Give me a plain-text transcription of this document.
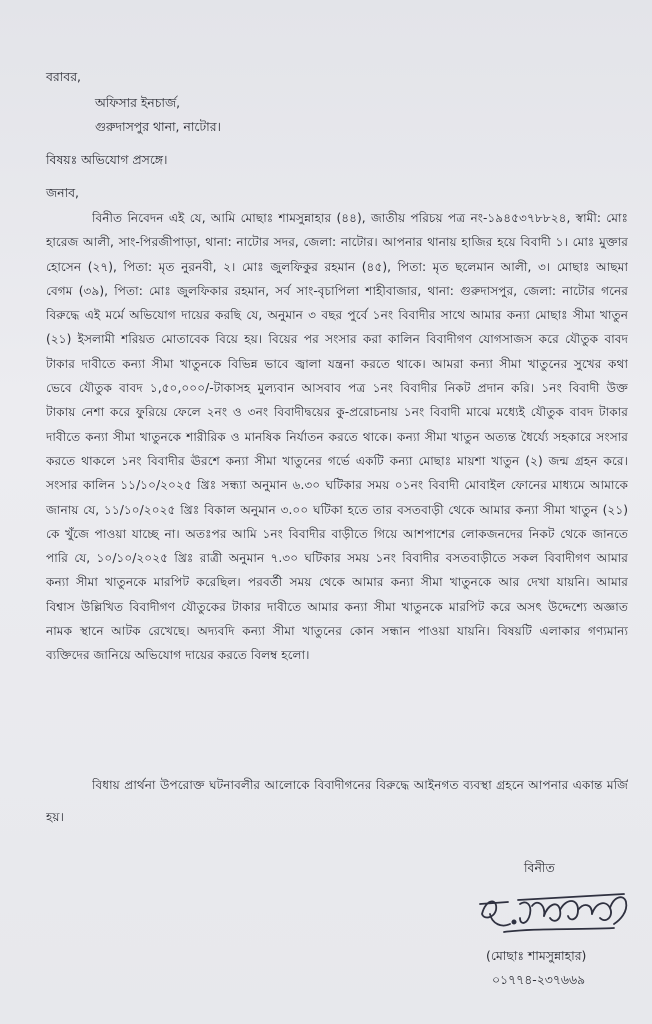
বরাবর,
অফিসার ইনচার্জ,
গুরুদাসপুর থানা, নাটোর।
বিষয়ঃ অভিযোগ প্রসঙ্গে।
জনাব,
বিনীত নিবেদন এই যে, আমি মোছাঃ শামসুন্নাহার (৪৪), জাতীয় পরিচয় পত্র নং-১৯৪৫৩৭৮৮২৪, স্বামী: মোঃ
হারেজ আলী, সাং-পিরজীপাড়া, থানা: নাটোর সদর, জেলা: নাটোর। আপনার থানায় হাজির হয়ে বিবাদী ১। মোঃ মুক্তার
হোসেন (২৭), পিতা: মৃত নুরনবী, ২। মোঃ জুলফিকুর রহমান (৪৫), পিতা: মৃত ছলেমান আলী, ৩। মোছাঃ আছমা
বেগম (৩৯), পিতা: মোঃ জুলফিকার রহমান, সর্ব সাং-বৃচাপিলা শাহীবাজার, থানা: গুরুদাসপুর, জেলা: নাটোর গনের
বিরুদ্ধে এই মর্মে অভিযোগ দায়ের করছি যে, অনুমান ৩ বছর পুর্বে ১নং বিবাদীর সাথে আমার কন্যা মোছাঃ সীমা খাতুন
(২১) ইসলামী শরিয়ত মোতাবেক বিয়ে হয়। বিয়ের পর সংসার করা কালিন বিবাদীগণ যোগসাজস করে যৌতুক বাবদ
টাকার দাবীতে কন্যা সীমা খাতুনকে বিভিন্ন ভাবে জ্বালা যন্ত্রনা করতে থাকে। আমরা কন্যা সীমা খাতুনের সুখের কথা
ভেবে যৌতুক বাবদ ১,৫০,০০০/-টাকাসহ মুল্যবান আসবাব পত্র ১নং বিবাদীর নিকট প্রদান করি। ১নং বিবাদী উক্ত
টাকায় নেশা করে ফুরিয়ে ফেলে ২নং ও ৩নং বিবাদীদ্বয়ের কু-প্ররোচনায় ১নং বিবাদী মাঝে মধ্যেই যৌতুক বাবদ টাকার
দাবীতে কন্যা সীমা খাতুনকে শারীরিক ও মানষিক নির্যাতন করতে থাকে। কন্যা সীমা খাতুন অত্যন্ত ধৈর্য্যে সহকারে সংসার
করতে থাকলে ১নং বিবাদীর ঊরশে কন্যা সীমা খাতুনের গর্ভে একটি কন্যা মোছাঃ মায়শা খাতুন (২) জন্ম গ্রহন করে।
সংসার কালিন ১১/১০/২০২৫ খ্রিঃ সন্ধ্যা অনুমান ৬.৩০ ঘটিকার সময় ০১নং বিবাদী মোবাইল ফোনের মাধ্যমে আমাকে
জানায় যে, ১১/১০/২০২৫ খ্রিঃ বিকাল অনুমান ৩.০০ ঘটিকা হতে তার বসতবাড়ী থেকে আমার কন্যা সীমা খাতুন (২১)
কে খুঁজে পাওয়া যাচ্ছে না। অতঃপর আমি ১নং বিবাদীর বাড়ীতে গিয়ে আশপাশের লোকজনদের নিকট থেকে জানতে
পারি যে, ১০/১০/২০২৫ খ্রিঃ রাত্রী অনুমান ৭.৩০ ঘটিকার সময় ১নং বিবাদীর বসতবাড়ীতে সকল বিবাদীগণ আমার
কন্যা সীমা খাতুনকে মারপিট করেছিল। পরবর্তী সময় থেকে আমার কন্যা সীমা খাতুনকে আর দেখা যায়নি। আমার
বিশ্বাস উল্লিখিত বিবাদীগণ যৌতুকের টাকার দাবীতে আমার কন্যা সীমা খাতুনকে মারপিট করে অসৎ উদ্দেশ্যে অজ্ঞাত
নামক স্থানে আটক রেখেছে। অদ্যবদি কন্যা সীমা খাতুনের কোন সন্ধান পাওয়া যায়নি। বিষয়টি এলাকার গণ্যমান্য
ব্যক্তিদের জানিয়ে অভিযোগ দায়ের করতে বিলম্ব হলো।
বিধায় প্রার্থনা উপরোক্ত ঘটনাবলীর আলোকে বিবাদীগনের বিরুদ্ধে আইনগত ব্যবস্থা গ্রহনে আপনার একান্ত মর্জি
হয়।
বিনীত
(মোছাঃ শামসুন্নাহার)
০১৭৭৪-২৩৭৬৬৯
